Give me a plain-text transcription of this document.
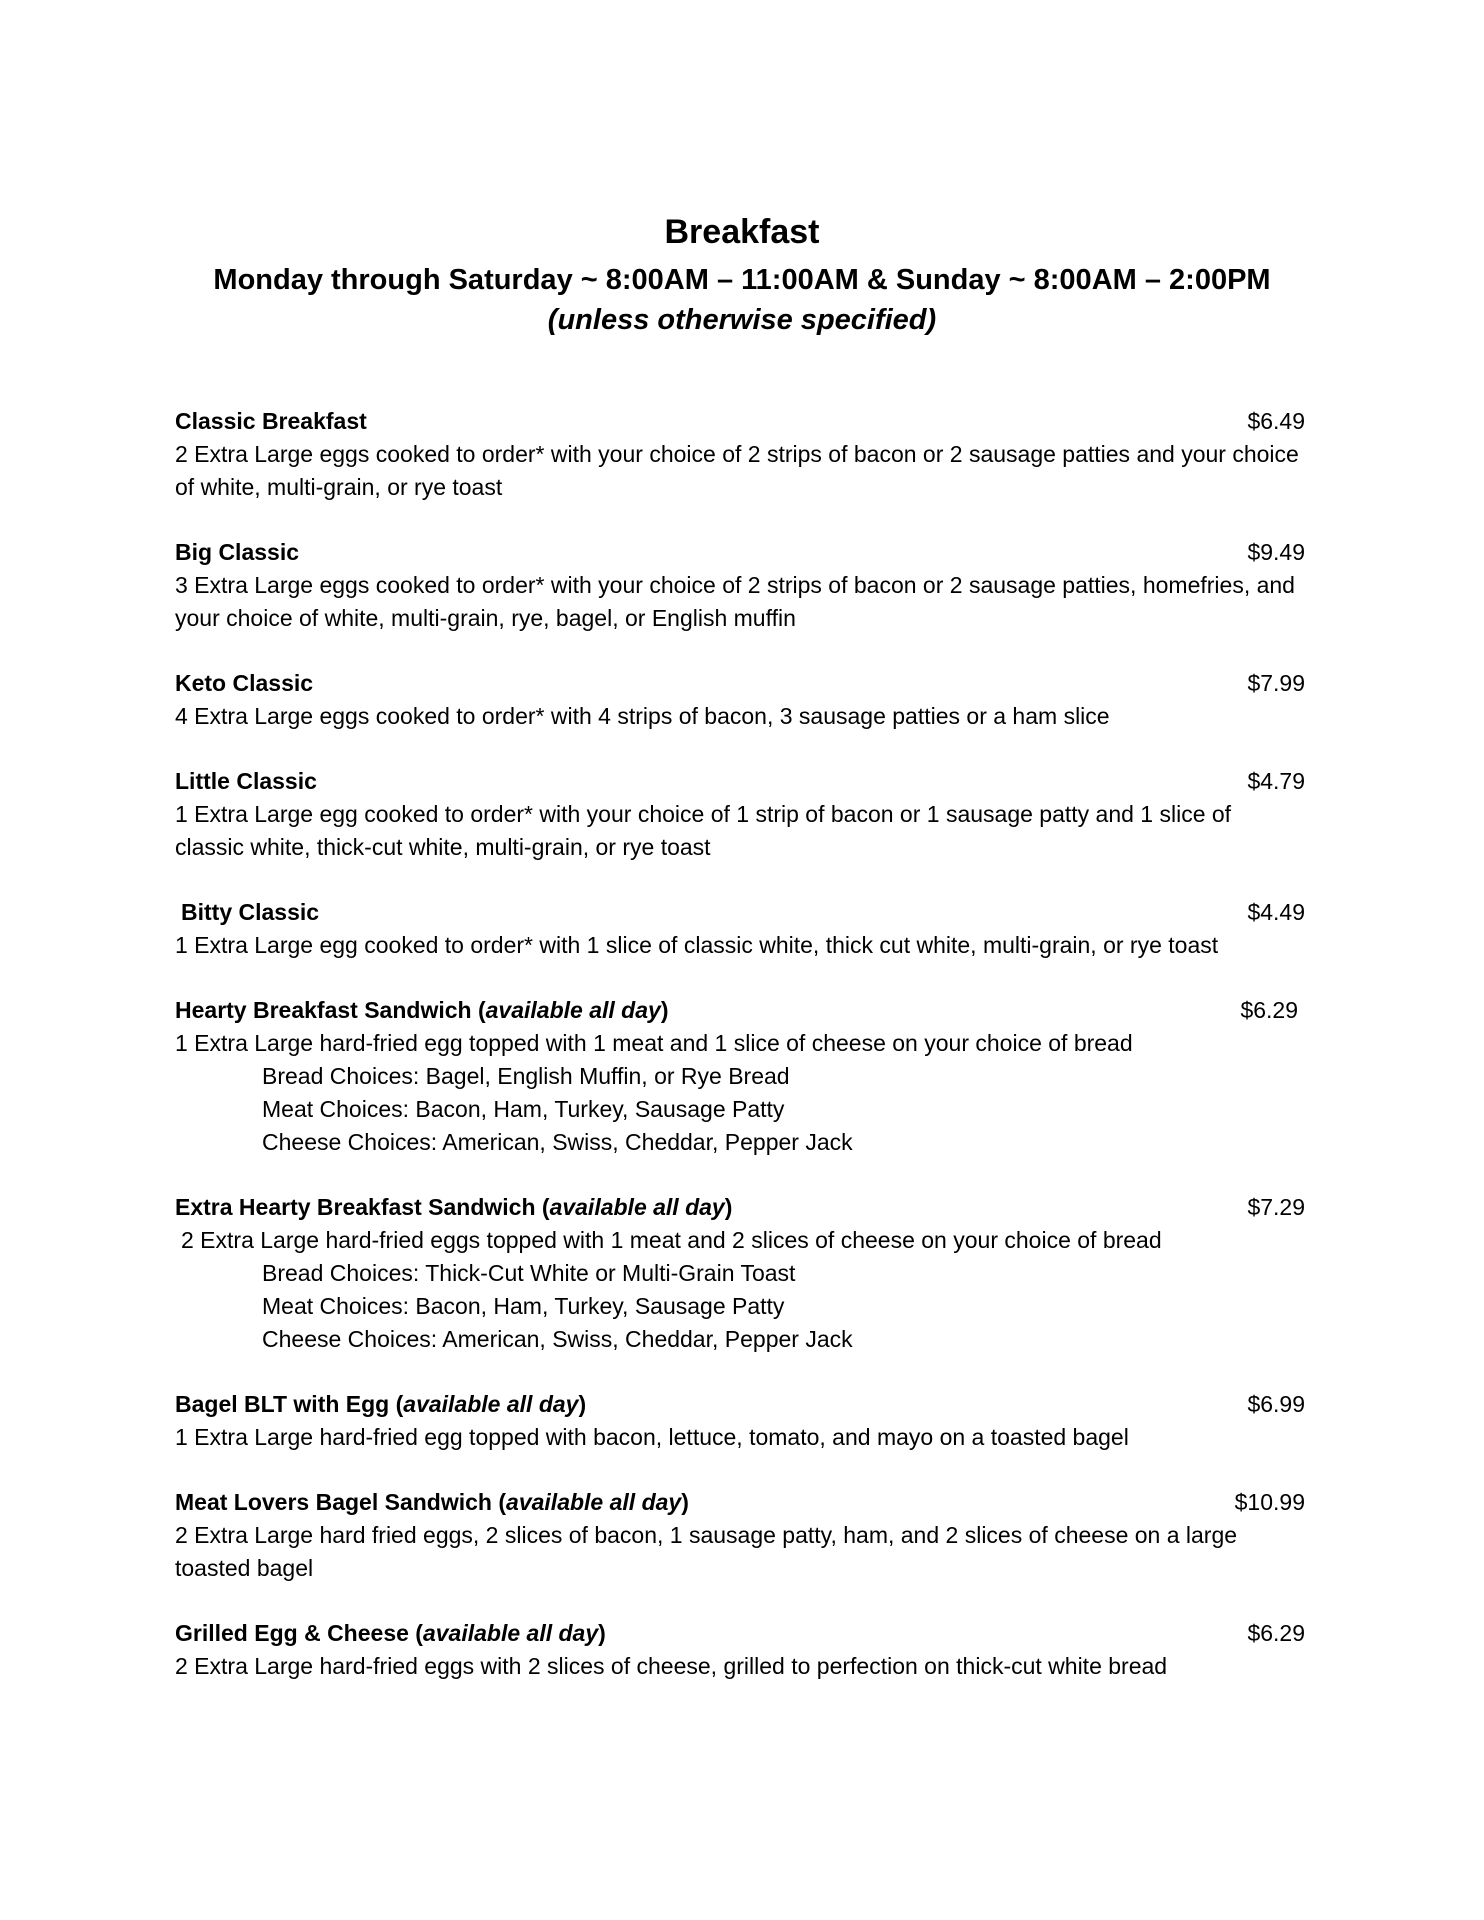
Breakfast
Monday through Saturday ~ 8:00AM – 11:00AM & Sunday ~ 8:00AM – 2:00PM
(unless otherwise specified)
Classic Breakfast	$6.49
2 Extra Large eggs cooked to order* with your choice of 2 strips of bacon or 2 sausage patties and your choice of white, multi-grain, or rye toast
Big Classic	$9.49
3 Extra Large eggs cooked to order* with your choice of 2 strips of bacon or 2 sausage patties, homefries, and your choice of white, multi-grain, rye, bagel, or English muffin
Keto Classic	$7.99
4 Extra Large eggs cooked to order* with 4 strips of bacon, 3 sausage patties or a ham slice
Little Classic	$4.79
1 Extra Large egg cooked to order* with your choice of 1 strip of bacon or 1 sausage patty and 1 slice of classic white, thick-cut white, multi-grain, or rye toast
Bitty Classic	$4.49
1 Extra Large egg cooked to order* with 1 slice of classic white, thick cut white, multi-grain, or rye toast
Hearty Breakfast Sandwich (available all day)	$6.29
1 Extra Large hard-fried egg topped with 1 meat and 1 slice of cheese on your choice of bread
Bread Choices: Bagel, English Muffin, or Rye Bread
Meat Choices: Bacon, Ham, Turkey, Sausage Patty
Cheese Choices: American, Swiss, Cheddar, Pepper Jack
Extra Hearty Breakfast Sandwich (available all day)	$7.29
2 Extra Large hard-fried eggs topped with 1 meat and 2 slices of cheese on your choice of bread
Bread Choices: Thick-Cut White or Multi-Grain Toast
Meat Choices: Bacon, Ham, Turkey, Sausage Patty
Cheese Choices: American, Swiss, Cheddar, Pepper Jack
Bagel BLT with Egg (available all day)	$6.99
1 Extra Large hard-fried egg topped with bacon, lettuce, tomato, and mayo on a toasted bagel
Meat Lovers Bagel Sandwich (available all day)	$10.99
2 Extra Large hard fried eggs, 2 slices of bacon, 1 sausage patty, ham, and 2 slices of cheese on a large toasted bagel
Grilled Egg & Cheese (available all day)	$6.29
2 Extra Large hard-fried eggs with 2 slices of cheese, grilled to perfection on thick-cut white bread
